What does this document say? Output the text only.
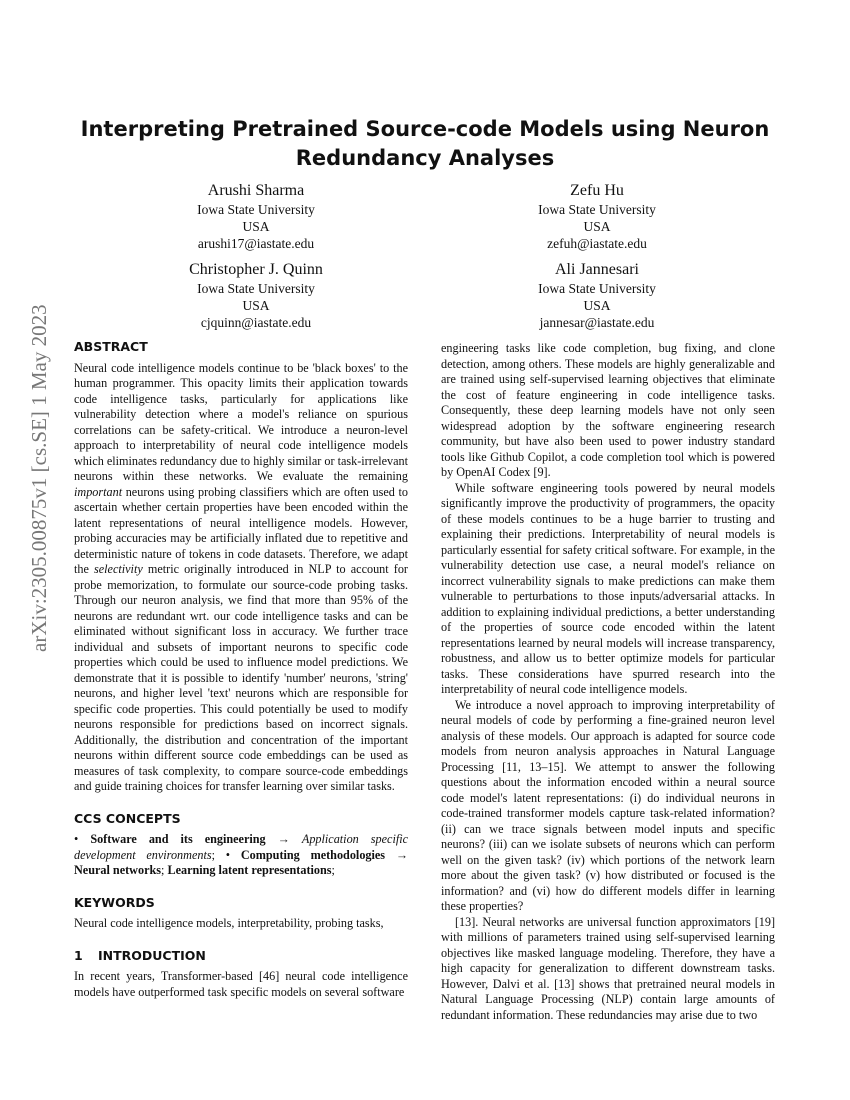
arXiv:2305.00875v1 [cs.SE] 1 May 2023
Interpreting Pretrained Source-code Models using Neuron
Redundancy Analyses
Arushi Sharma
Iowa State University
USA
arushi17@iastate.edu
Zefu Hu
Iowa State University
USA
zefuh@iastate.edu
Christopher J. Quinn
Iowa State University
USA
cjquinn@iastate.edu
Ali Jannesari
Iowa State University
USA
jannesar@iastate.edu
ABSTRACT

Neural code intelligence models continue to be 'black boxes' to the human programmer. This opacity limits their application towards code intelligence tasks, particularly for applications like vulnerability detection where a model's reliance on spurious correlations can be safety-critical. We introduce a neuron-level approach to interpretability of neural code intelligence models which eliminates redundancy due to highly similar or task-irrelevant neurons within these networks. We evaluate the remaining important neurons using probing classifiers which are often used to ascertain whether certain properties have been encoded within the latent representations of neural intelligence models. However, probing accuracies may be artificially inflated due to repetitive and deterministic nature of tokens in code datasets. Therefore, we adapt the selectivity metric originally introduced in NLP to account for probe memorization, to formulate our source-code probing tasks. Through our neuron analysis, we find that more than 95% of the neurons are redundant wrt. our code intelligence tasks and can be eliminated without significant loss in accuracy. We further trace individual and subsets of important neurons to specific code properties which could be used to influence model predictions. We demonstrate that it is possible to identify 'number' neurons, 'string' neurons, and higher level 'text' neurons which are responsible for specific code properties. This could potentially be used to modify neurons responsible for predictions based on incorrect signals. Additionally, the distribution and concentration of the important neurons within different source code embeddings can be used as measures of task complexity, to compare source-code embeddings and guide training choices for transfer learning over similar tasks.

CCS CONCEPTS

• Software and its engineering → Application specific development environments; • Computing methodologies → Neural networks; Learning latent representations;

KEYWORDS

Neural code intelligence models, interpretability, probing tasks,

1 INTRODUCTION

In recent years, Transformer-based [46] neural code intelligence models have outperformed task specific models on several software

engineering tasks like code completion, bug fixing, and clone detection, among others. These models are highly generalizable and are trained using self-supervised learning objectives that eliminate the cost of feature engineering in code intelligence tasks. Consequently, these deep learning models have not only seen widespread adoption by the software engineering research community, but have also been used to power industry standard tools like Github Copilot, a code completion tool which is powered by OpenAI Codex [9].

While software engineering tools powered by neural models significantly improve the productivity of programmers, the opacity of these models continues to be a huge barrier to trusting and explaining their predictions. Interpretability of neural models is particularly essential for safety critical software. For example, in the vulnerability detection use case, a neural model's reliance on incorrect vulnerability signals to make predictions can make them vulnerable to perturbations to those inputs/adversarial attacks. In addition to explaining individual predictions, a better understanding of the properties of source code encoded within the latent representations learned by neural models will increase transparency, robustness, and allow us to better optimize models for particular tasks. These considerations have spurred research into the interpretability of neural code intelligence models.

We introduce a novel approach to improving interpretability of neural models of code by performing a fine-grained neuron level analysis of these models. Our approach is adapted for source code models from neuron analysis approaches in Natural Language Processing [11, 13–15]. We attempt to answer the following questions about the information encoded within a neural source code model's latent representations: (i) do individual neurons in code-trained transformer models capture task-related information? (ii) can we trace signals between model inputs and specific neurons? (iii) can we isolate subsets of neurons which can perform well on the given task? (iv) which portions of the network learn more about the given task? (v) how distributed or focused is the information? and (vi) how do different models differ in learning these properties?

[13]. Neural networks are universal function approximators [19] with millions of parameters trained using self-supervised learning objectives like masked language modeling. Therefore, they have a high capacity for generalization to different downstream tasks. However, Dalvi et al. [13] shows that pretrained neural models in Natural Language Processing (NLP) contain large amounts of redundant information. These redundancies may arise due to two
